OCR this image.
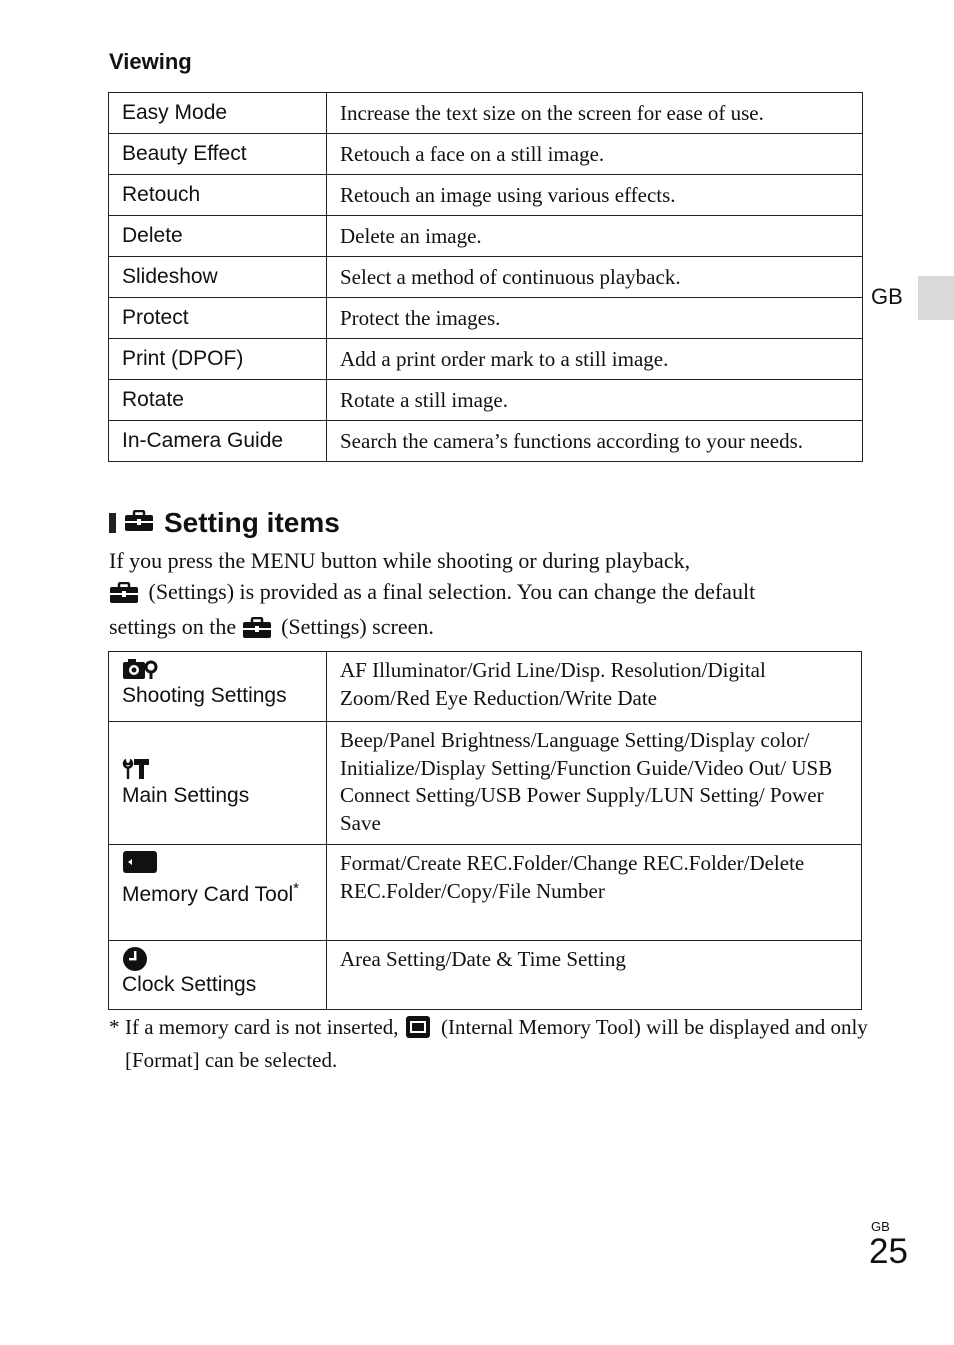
Viewing
Easy Mode	Increase the text size on the screen for ease of use.
Beauty Effect	Retouch a face on a still image.
Retouch	Retouch an image using various effects.
Delete	Delete an image.
Slideshow	Select a method of continuous playback.
Protect	Protect the images.
Print (DPOF)	Add a print order mark to a still image.
Rotate	Rotate a still image.
In-Camera Guide	Search the camera’s functions according to your needs.
GB
Setting items
If you press the MENU button while shooting or during playback,
(Settings) is provided as a final selection. You can change the default
settings on the (Settings) screen.
Shooting Settings	AF Illuminator/Grid Line/Disp. Resolution/Digital Zoom/Red Eye Reduction/Write Date

Main Settings	Beep/Panel Brightness/Language Setting/Display color/ Initialize/Display Setting/Function Guide/Video Out/ USB Connect Setting/USB Power Supply/LUN Setting/ Power Save

Memory Card Tool*	Format/Create REC.Folder/Change REC.Folder/Delete REC.Folder/Copy/File Number

Clock Settings	Area Setting/Date & Time Setting
* If a memory card is not inserted, (Internal Memory Tool) will be displayed and only [Format] can be selected.
GB
25
